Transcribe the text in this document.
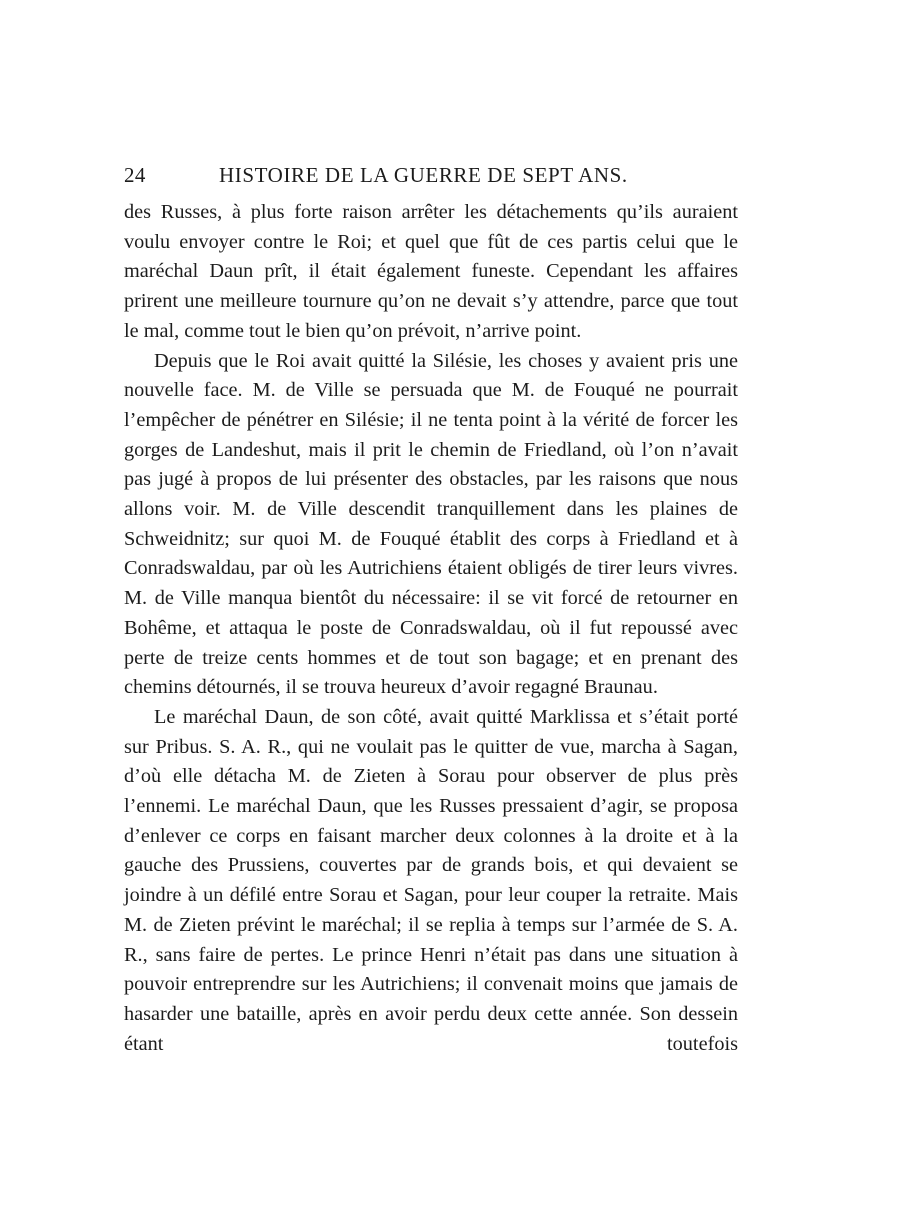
24	HISTOIRE DE LA GUERRE DE SEPT ANS.

des Russes, à plus forte raison arrêter les détachements qu’ils auraient voulu envoyer contre le Roi; et quel que fût de ces partis celui que le maréchal Daun prît, il était également funeste. Cependant les affaires prirent une meilleure tournure qu’on ne devait s’y attendre, parce que tout le mal, comme tout le bien qu’on prévoit, n’arrive point.

Depuis que le Roi avait quitté la Silésie, les choses y avaient pris une nouvelle face. M. de Ville se persuada que M. de Fouqué ne pourrait l’empêcher de pénétrer en Silésie; il ne tenta point à la vérité de forcer les gorges de Landeshut, mais il prit le chemin de Friedland, où l’on n’avait pas jugé à propos de lui présenter des obstacles, par les raisons que nous allons voir. M. de Ville descendit tranquillement dans les plaines de Schweidnitz; sur quoi M. de Fouqué établit des corps à Friedland et à Conradswaldau, par où les Autrichiens étaient obligés de tirer leurs vivres. M. de Ville manqua bientôt du nécessaire: il se vit forcé de retourner en Bohême, et attaqua le poste de Conradswaldau, où il fut repoussé avec perte de treize cents hommes et de tout son bagage; et en prenant des chemins détournés, il se trouva heureux d’avoir regagné Braunau.

Le maréchal Daun, de son côté, avait quitté Marklissa et s’était porté sur Pribus. S. A. R., qui ne voulait pas le quitter de vue, marcha à Sagan, d’où elle détacha M. de Zieten à Sorau pour observer de plus près l’ennemi. Le maréchal Daun, que les Russes pressaient d’agir, se proposa d’enlever ce corps en faisant marcher deux colonnes à la droite et à la gauche des Prussiens, couvertes par de grands bois, et qui devaient se joindre à un défilé entre Sorau et Sagan, pour leur couper la retraite. Mais M. de Zieten prévint le maréchal; il se replia à temps sur l’armée de S. A. R., sans faire de pertes. Le prince Henri n’était pas dans une situation à pouvoir entreprendre sur les Autrichiens; il convenait moins que jamais de hasarder une bataille, après en avoir perdu deux cette année. Son dessein étant toutefois
